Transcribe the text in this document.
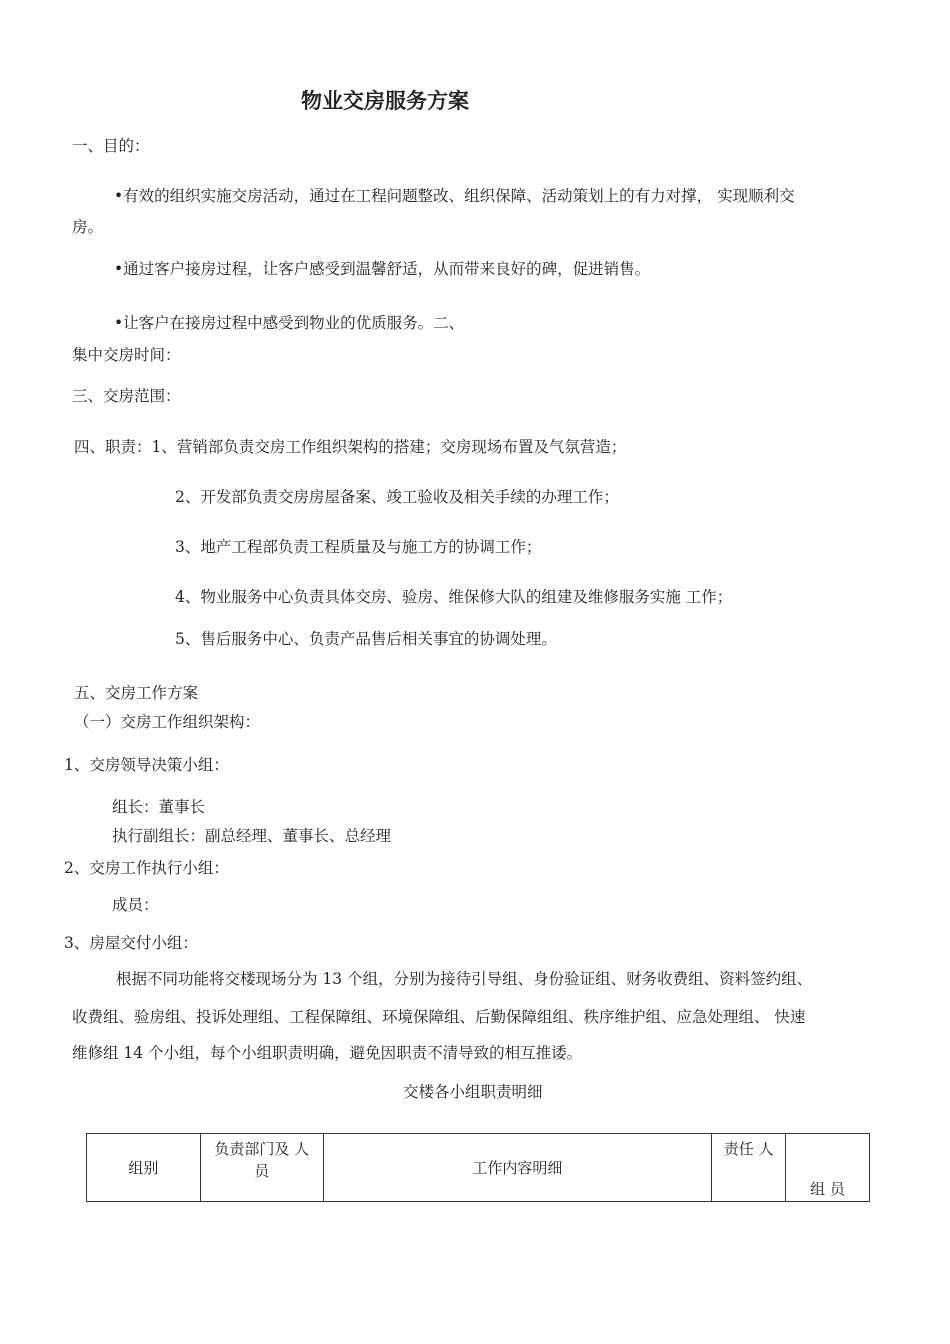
物业交房服务方案

一、目的：

•有效的组织实施交房活动，通过在工程问题整改、组织保障、活动策划上的有力对撑， 实现顺利交

房。

•通过客户接房过程，让客户感受到温馨舒适，从而带来良好的碑，促进销售。

•让客户在接房过程中感受到物业的优质服务。二、

集中交房时间：

三、交房范围：

四、职责：1、营销部负责交房工作组织架构的搭建；交房现场布置及气氛营造；

2、开发部负责交房房屋备案、竣工验收及相关手续的办理工作；

3、地产工程部负责工程质量及与施工方的协调工作；

4、物业服务中心负责具体交房、验房、维保修大队的组建及维修服务实施 工作；

5、售后服务中心、负责产品售后相关事宜的协调处理。

五、交房工作方案

（一）交房工作组织架构：

1、交房领导决策小组：

组长：董事长

执行副组长：副总经理、董事长、总经理

2、交房工作执行小组：

成员：

3、房屋交付小组：

根据不同功能将交楼现场分为 13 个组，分别为接待引导组、身份验证组、财务收费组、资料签约组、

收费组、验房组、投诉处理组、工程保障组、环境保障组、后勤保障组组、秩序维护组、应急处理组、 快速

维修组 14 个小组，每个小组职责明确，避免因职责不清导致的相互推诿。

交楼各小组职责明细

组别	负责部门及 人
员	工作内容明细	责任 人	组 员
